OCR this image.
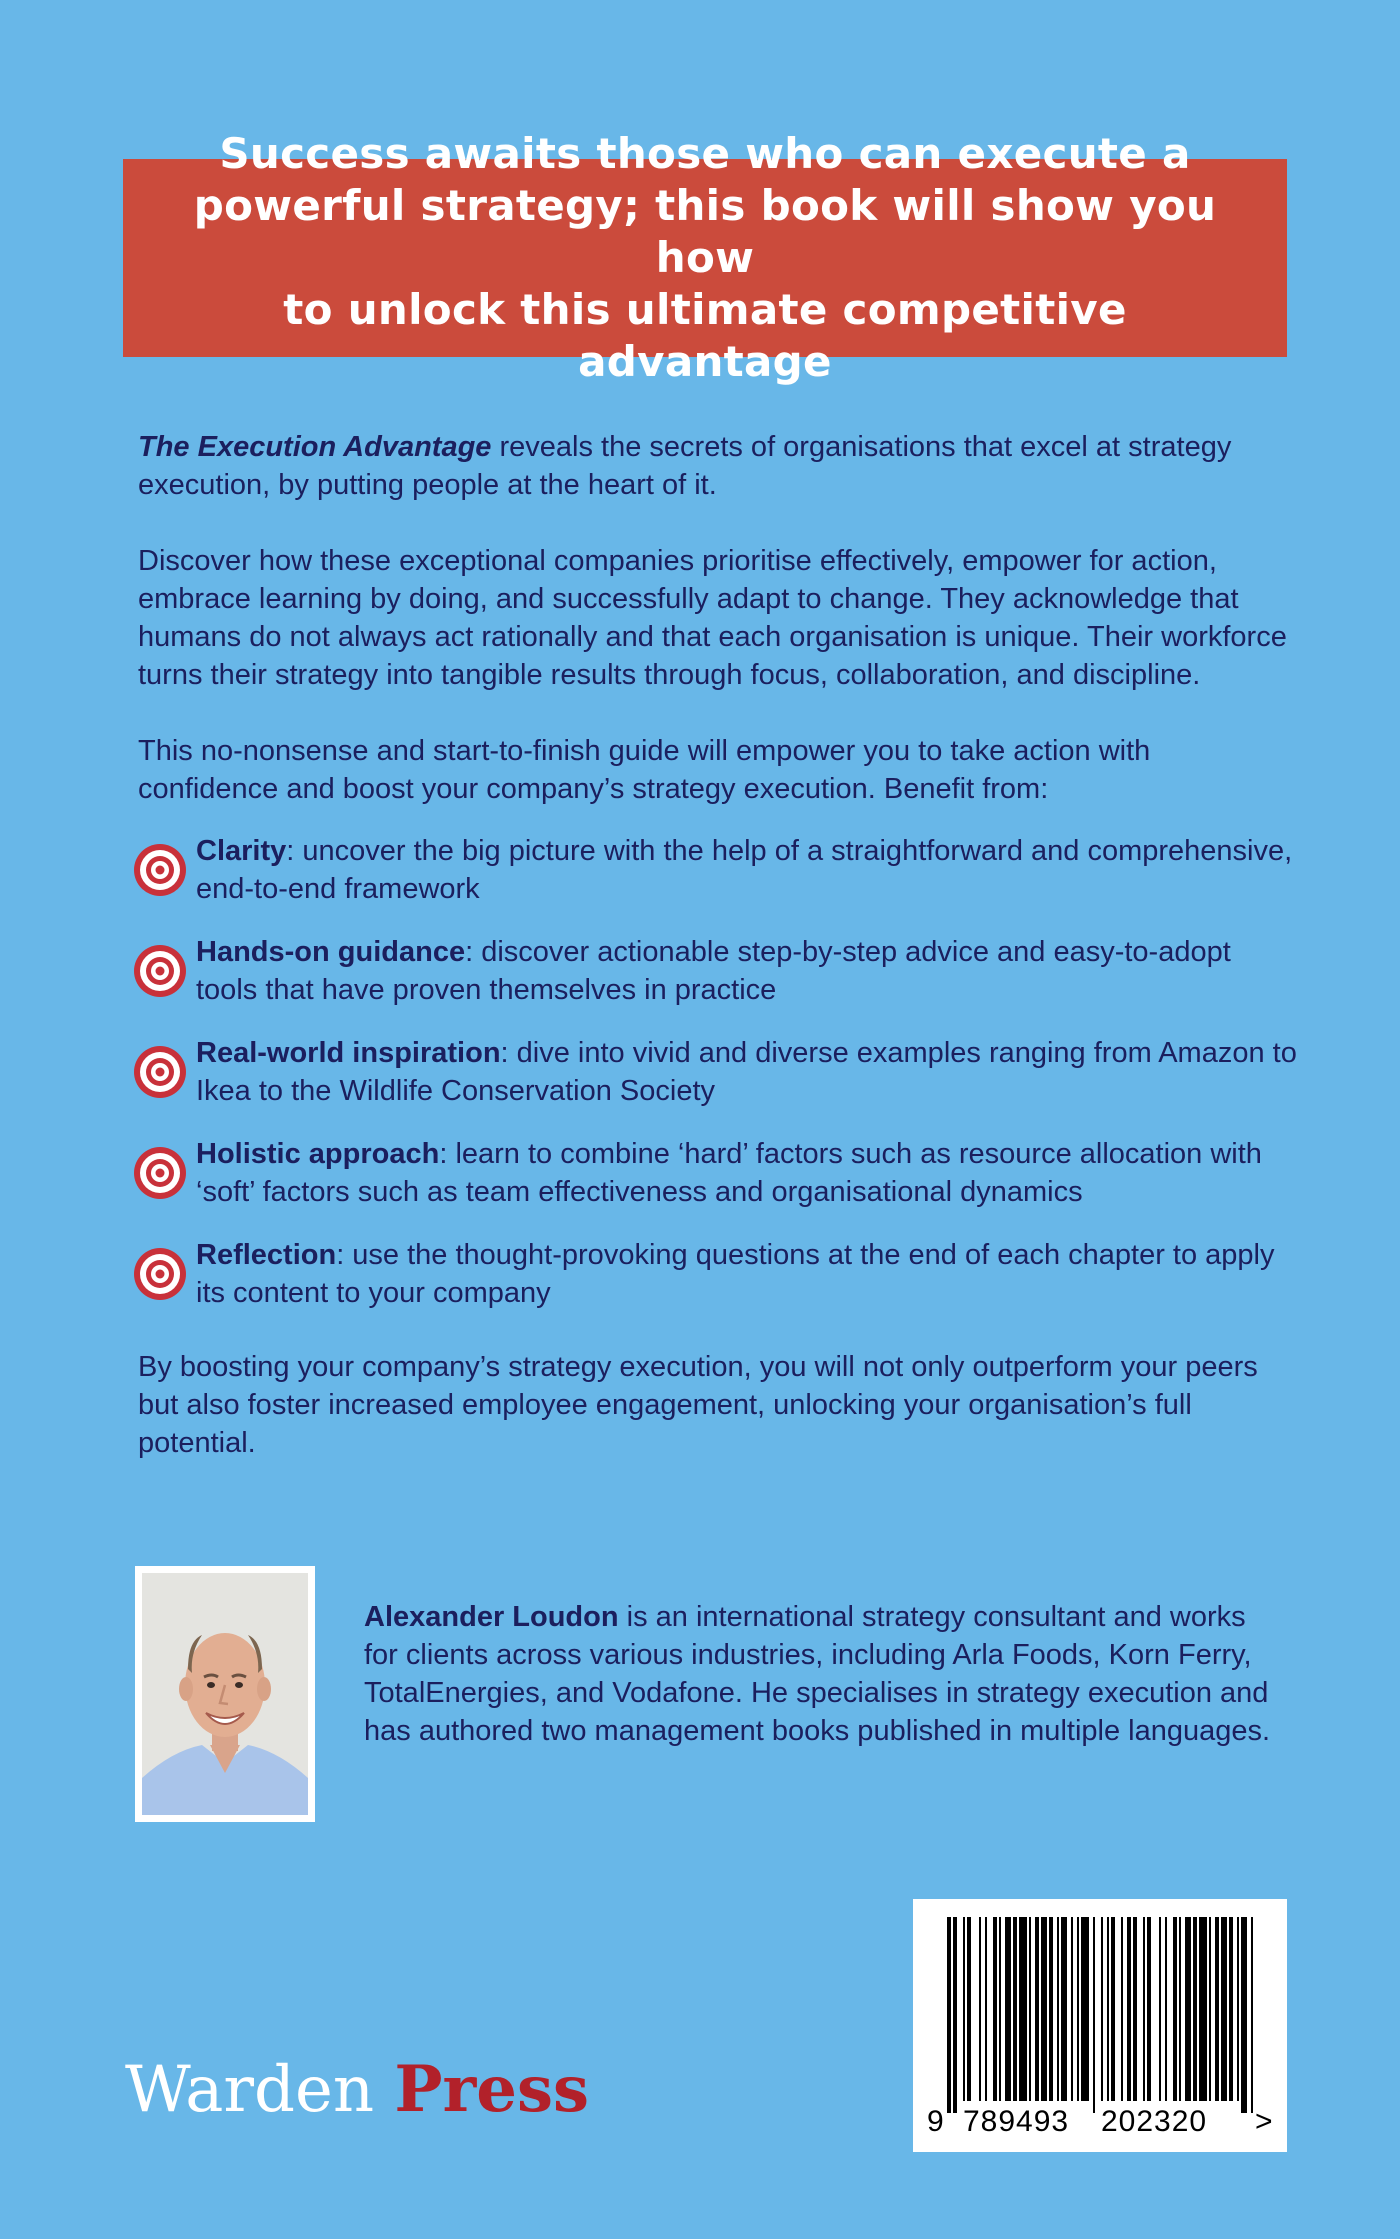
Success awaits those who can execute a
powerful strategy; this book will show you how
to unlock this ultimate competitive advantage

The Execution Advantage reveals the secrets of organisations that excel at strategy execution, by putting people at the heart of it.

Discover how these exceptional companies prioritise effectively, empower for action, embrace learning by doing, and successfully adapt to change. They acknowledge that humans do not always act rationally and that each organisation is unique. Their workforce turns their strategy into tangible results through focus, collaboration, and discipline.

This no-nonsense and start-to-finish guide will empower you to take action with confidence and boost your company’s strategy execution. Benefit from:

Clarity: uncover the big picture with the help of a straightforward and comprehensive, end-to-end framework
Hands-on guidance: discover actionable step-by-step advice and easy-to-adopt tools that have proven themselves in practice
Real-world inspiration: dive into vivid and diverse examples ranging from Amazon to Ikea to the Wildlife Conservation Society
Holistic approach: learn to combine ‘hard’ factors such as resource allocation with ‘soft’ factors such as team effectiveness and organisational dynamics
Reflection: use the thought-provoking questions at the end of each chapter to apply its content to your company

By boosting your company’s strategy execution, you will not only outperform your peers but also foster increased employee engagement, unlocking your organisation’s full potential.

Alexander Loudon is an international strategy consultant and works for clients across various industries, including Arla Foods, Korn Ferry, TotalEnergies, and Vodafone. He specialises in strategy execution and has authored two management books published in multiple languages.
Warden Press	9 789493 202320 >
